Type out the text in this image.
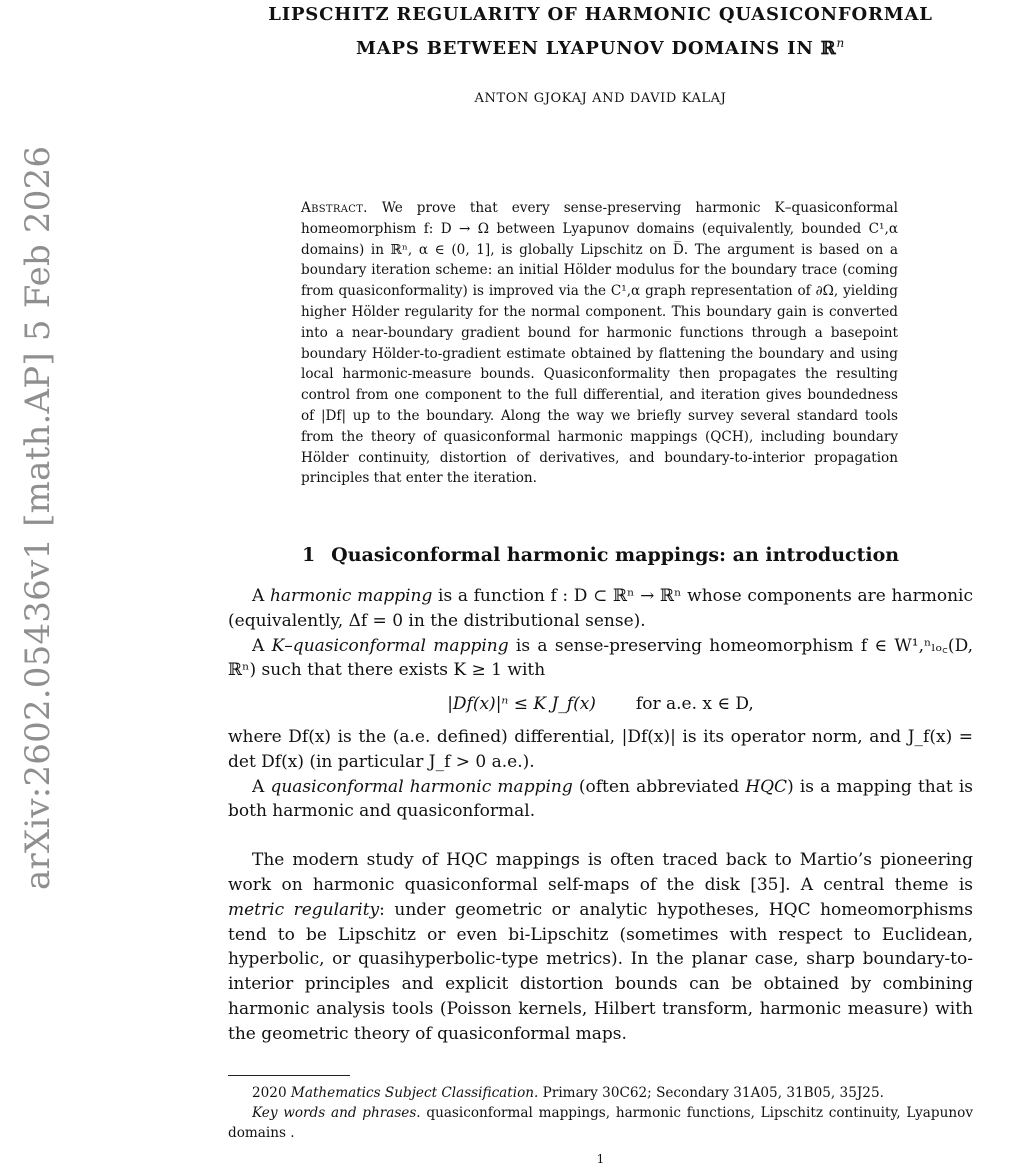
arXiv:2602.05436v1 [math.AP] 5 Feb 2026
LIPSCHITZ REGULARITY OF HARMONIC QUASICONFORMAL
MAPS BETWEEN LYAPUNOV DOMAINS IN ℝ$^n$
ANTON GJOKAJ AND DAVID KALAJ
Abstract. We prove that every sense-preserving harmonic K–quasiconformal homeomorphism f: D → Ω between Lyapunov domains (equivalently, bounded C¹,α domains) in ℝⁿ, α ∈ (0, 1], is globally Lipschitz on D̅. The argument is based on a boundary iteration scheme: an initial Hölder modulus for the boundary trace (coming from quasiconformality) is improved via the C¹,α graph representation of ∂Ω, yielding higher Hölder regularity for the normal component. This boundary gain is converted into a near-boundary gradient bound for harmonic functions through a basepoint boundary Hölder-to-gradient estimate obtained by flattening the boundary and using local harmonic-measure bounds. Quasiconformality then propagates the resulting control from one component to the full differential, and iteration gives boundedness of |Df| up to the boundary. Along the way we briefly survey several standard tools from the theory of quasiconformal harmonic mappings (QCH), including boundary Hölder continuity, distortion of derivatives, and boundary-to-interior propagation principles that enter the iteration.
1 Quasiconformal harmonic mappings: an introduction

A harmonic mapping is a function f : D ⊂ ℝⁿ → ℝⁿ whose components are harmonic (equivalently, Δf = 0 in the distributional sense).

A K–quasiconformal mapping is a sense-preserving homeomorphism f ∈ W¹,ⁿₗₒ꜀(D, ℝⁿ) such that there exists K ≥ 1 with

|Df(x)|ⁿ ≤ K J_f(x) for a.e. x ∈ D,

where Df(x) is the (a.e. defined) differential, |Df(x)| is its operator norm, and J_f(x) = det Df(x) (in particular J_f > 0 a.e.).

A quasiconformal harmonic mapping (often abbreviated HQC) is a mapping that is both harmonic and quasiconformal.

The modern study of HQC mappings is often traced back to Martio’s pioneering work on harmonic quasiconformal self-maps of the disk [35]. A central theme is metric regularity: under geometric or analytic hypotheses, HQC homeomorphisms tend to be Lipschitz or even bi-Lipschitz (sometimes with respect to Euclidean, hyperbolic, or quasihyperbolic-type metrics). In the planar case, sharp boundary-to-interior principles and explicit distortion bounds can be obtained by combining harmonic analysis tools (Poisson kernels, Hilbert transform, harmonic measure) with the geometric theory of quasiconformal maps.

2020 Mathematics Subject Classification. Primary 30C62; Secondary 31A05, 31B05, 35J25.

Key words and phrases. quasiconformal mappings, harmonic functions, Lipschitz continuity, Lyapunov domains .

1
